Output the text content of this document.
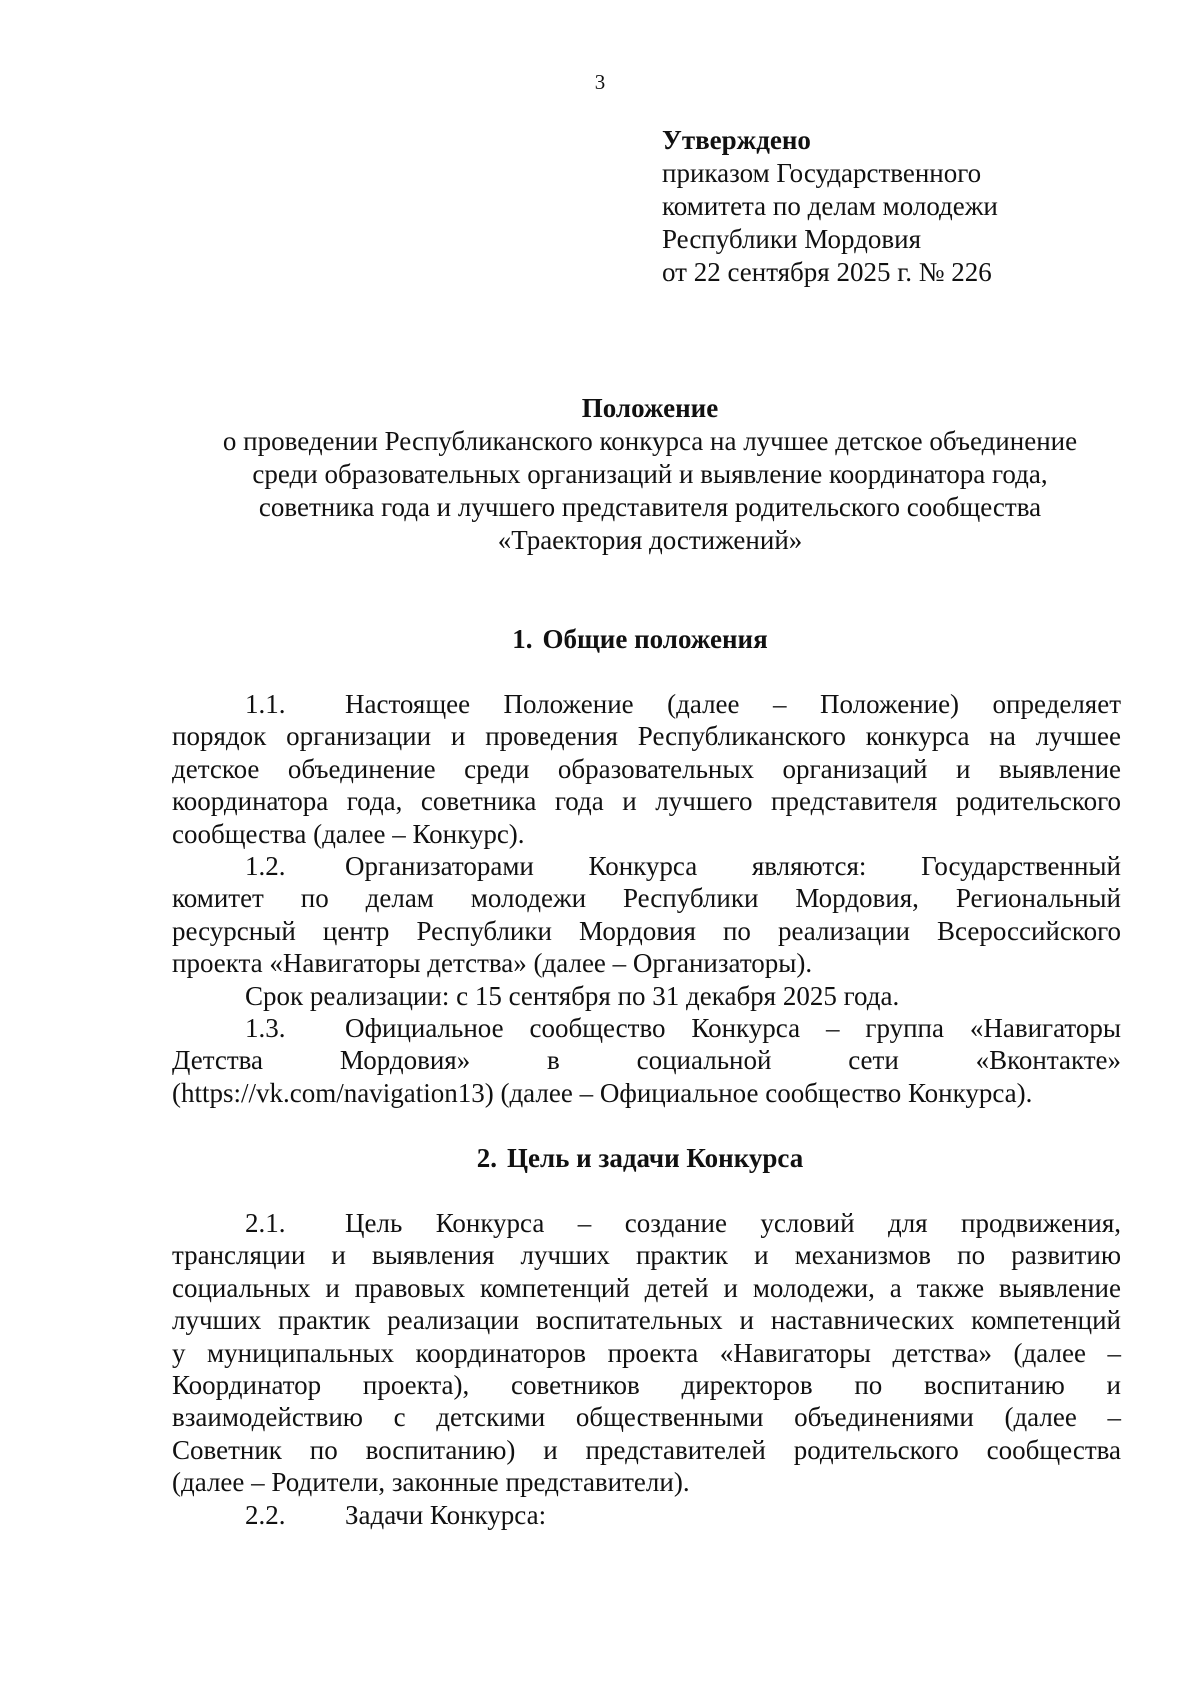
3
Утверждено
приказом Государственного
комитета по делам молодежи
Республики Мордовия
от 22 сентября 2025 г. № 226
Положение
о проведении Республиканского конкурса на лучшее детское объединение
среди образовательных организаций и выявление координатора года,
советника года и лучшего представителя родительского сообщества
«Траектория достижений»
1. Общие положения
1.1. Настоящее Положение (далее – Положение) определяет
порядок организации и проведения Республиканского конкурса на лучшее
детское объединение среди образовательных организаций и выявление
координатора года, советника года и лучшего представителя родительского
сообщества (далее – Конкурс).
1.2. Организаторами Конкурса являются: Государственный
комитет по делам молодежи Республики Мордовия, Региональный
ресурсный центр Республики Мордовия по реализации Всероссийского
проекта «Навигаторы детства» (далее – Организаторы).
Срок реализации: с 15 сентября по 31 декабря 2025 года.
1.3. Официальное сообщество Конкурса – группа «Навигаторы
Детства Мордовия» в социальной сети «Вконтакте»
(https://vk.com/navigation13) (далее – Официальное сообщество Конкурса).
2. Цель и задачи Конкурса
2.1. Цель Конкурса – создание условий для продвижения,
трансляции и выявления лучших практик и механизмов по развитию
социальных и правовых компетенций детей и молодежи, а также выявление
лучших практик реализации воспитательных и наставнических компетенций
у муниципальных координаторов проекта «Навигаторы детства» (далее –
Координатор проекта), советников директоров по воспитанию и
взаимодействию с детскими общественными объединениями (далее –
Советник по воспитанию) и представителей родительского сообщества
(далее – Родители, законные представители).
2.2. Задачи Конкурса:
